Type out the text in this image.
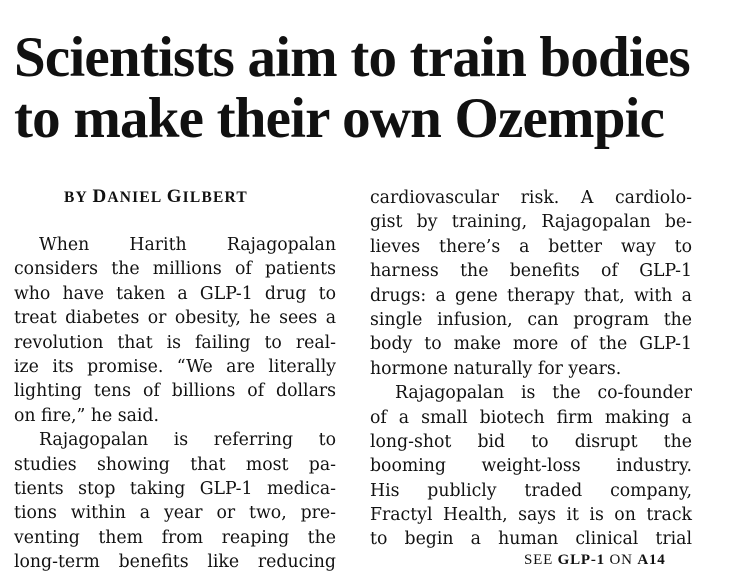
Scientists aim to train bodies
to make their own Ozempic
BY DANIEL GILBERT
When Harith Rajagopalan
considers the millions of patients
who have taken a GLP-1 drug to
treat diabetes or obesity, he sees a
revolution that is failing to real-
ize its promise. “We are literally
lighting tens of billions of dollars
on fire,” he said.
Rajagopalan is referring to
studies showing that most pa-
tients stop taking GLP-1 medica-
tions within a year or two, pre-
venting them from reaping the
long-term benefits like reducing
cardiovascular risk. A cardiolo-
gist by training, Rajagopalan be-
lieves there’s a better way to
harness the benefits of GLP-1
drugs: a gene therapy that, with a
single infusion, can program the
body to make more of the GLP-1
hormone naturally for years.
Rajagopalan is the co-founder
of a small biotech firm making a
long-shot bid to disrupt the
booming weight-loss industry.
His publicly traded company,
Fractyl Health, says it is on track
to begin a human clinical trial
SEE GLP-1 ON A14
